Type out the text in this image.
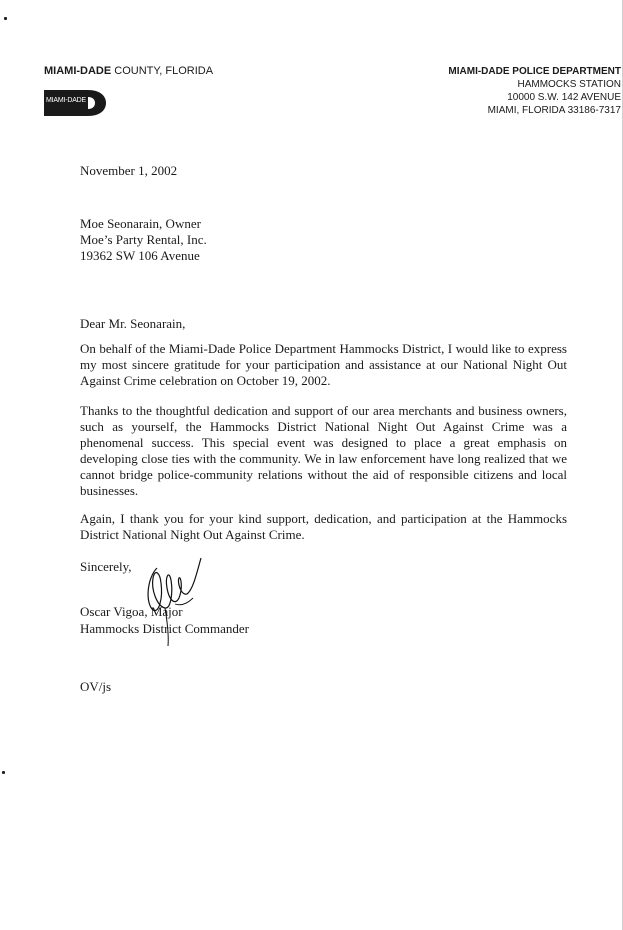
MIAMI-DADE COUNTY, FLORIDA
MIAMI-DADE
MIAMI-DADE POLICE DEPARTMENT
HAMMOCKS STATION
10000 S.W. 142 AVENUE
MIAMI, FLORIDA 33186-7317
November 1, 2002
Moe Seonarain, Owner
Moe’s Party Rental, Inc.
19362 SW 106 Avenue
Dear Mr. Seonarain,
On behalf of the Miami-Dade Police Department Hammocks District, I would like to express my most sincere gratitude for your participation and assistance at our National Night Out Against Crime celebration on October 19, 2002.
Thanks to the thoughtful dedication and support of our area merchants and business owners, such as yourself, the Hammocks District National Night Out Against Crime was a phenomenal success. This special event was designed to place a great emphasis on developing close ties with the community. We in law enforcement have long realized that we cannot bridge police-community relations without the aid of responsible citizens and local businesses.
Again, I thank you for your kind support, dedication, and participation at the Hammocks District National Night Out Against Crime.
Sincerely,
Oscar Vigoa, Major
Hammocks District Commander
OV/js
